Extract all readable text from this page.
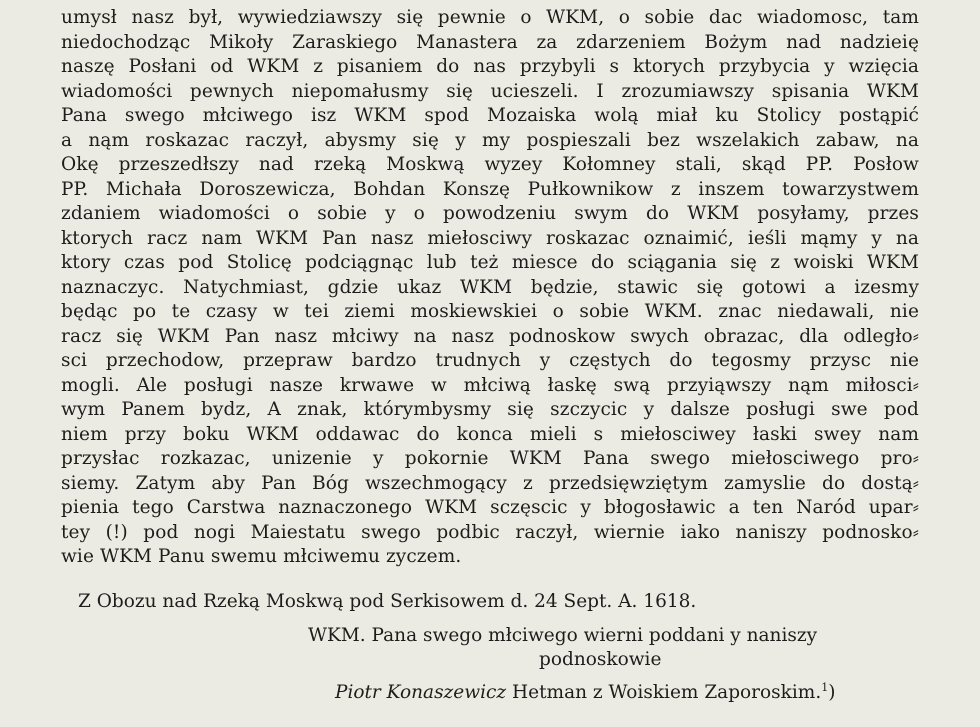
umysł nasz był, wywiedziawszy się pewnie o WKM, o sobie dac wiadomosc, tam
niedochodząc Mikoły Zaraskiego Manastera za zdarzeniem Bożym nad nadzieię
naszę Posłani od WKM z pisaniem do nas przybyli s ktorych przybycia y wzięcia
wiadomości pewnych niepomałusmy się ucieszeli. I zrozumiawszy spisania WKM
Pana swego młciwego isz WKM spod Mozaiska wolą miał ku Stolicy postąpić
a nąm roskazac raczył, abysmy się y my pospieszali bez wszelakich zabaw, na
Okę przeszedłszy nad rzeką Moskwą wyzey Kołomney stali, skąd PP. Posłow
PP. Michała Doroszewicza, Bohdan Konszę Pułkownikow z inszem towarzystwem
zdaniem wiadomości o sobie y o powodzeniu swym do WKM posyłamy, przes
ktorych racz nam WKM Pan nasz miełosciwy roskazac oznaimić, ieśli mąmy y na
ktory czas pod Stolicę podciągnąc lub też miesce do sciągania się z woiski WKM
naznaczyc. Natychmiast, gdzie ukaz WKM będzie, stawic się gotowi a izesmy
będąc po te czasy w tei ziemi moskiewskiei o sobie WKM. znac niedawali, nie
racz się WKM Pan nasz młciwy na nasz podnoskow swych obrazac, dla odległo⸗
sci przechodow, przepraw bardzo trudnych y częstych do tegosmy przysc nie
mogli. Ale posługi nasze krwawe w młciwą łaskę swą przyiąwszy nąm miłosci⸗
wym Panem bydz, A znak, którymbysmy się szczycic y dalsze posługi swe pod
niem przy boku WKM oddawac do konca mieli s miełosciwey łaski swey nam
przysłac rozkazac, unizenie y pokornie WKM Pana swego miełosciwego pro⸗
siemy. Zatym aby Pan Bóg wszechmogący z przedsięwziętym zamyslie do dostą⸗
pienia tego Carstwa naznaczonego WKM sczęscic y błogosławic a ten Naród upar⸗
tey (!) pod nogi Maiestatu swego podbic raczył, wiernie iako naniszy podnosko⸗
wie WKM Panu swemu młciwemu zyczem.
Z Obozu nad Rzeką Moskwą pod Serkisowem d. 24 Sept. A. 1618.
WKM. Pana swego młciwego wierni poddani y naniszy
podnoskowie
Piotr Konaszewicz Hetman z Woiskiem Zaporoskim.$^1$)
